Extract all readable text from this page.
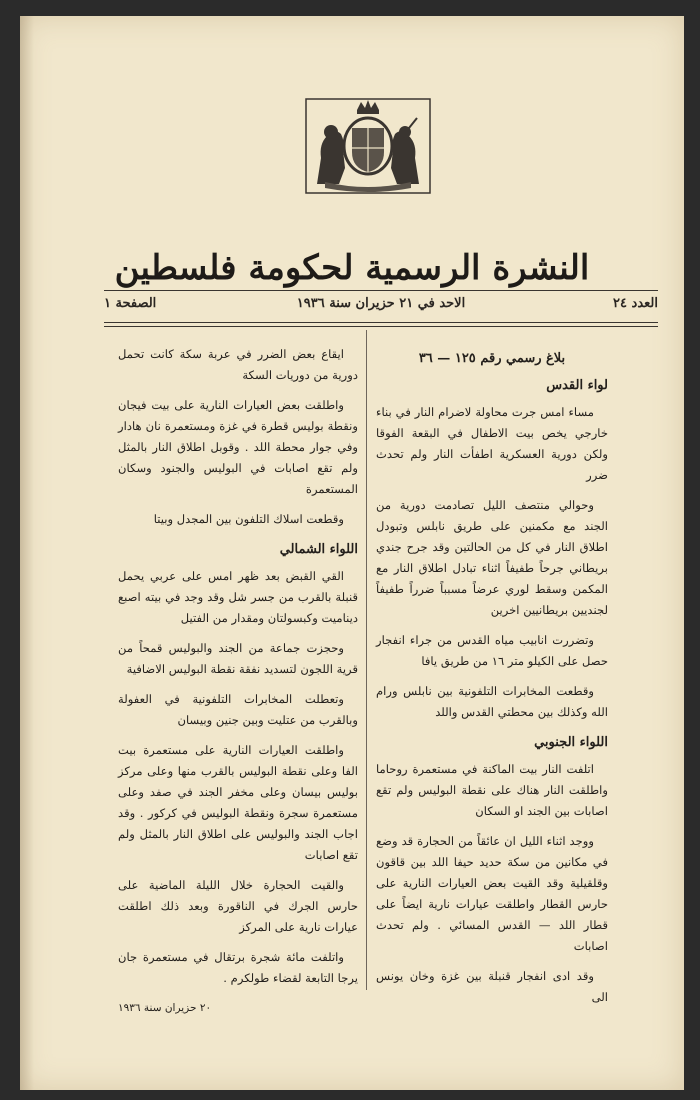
النشرة الرسمية لحكومة فلسطين
العدد ٢٤
الاحد في ٢١ حزيران سنة ١٩٣٦
الصفحة ١

بلاغ رسمي رقم ١٢٥ — ٣٦

لواء القدس

مساء امس جرت محاولة لاضرام النار في بناء خارجي يخص بيت الاطفال في البقعة الفوقا ولكن دورية العسكرية اطفأت النار ولم تحدث ضرر

وحوالي منتصف الليل تصادمت دورية من الجند مع مكمنين على طريق نابلس وتبودل اطلاق النار في كل من الحالتين وقد جرح جندي بريطاني جرحاً طفيفاً اثناء تبادل اطلاق النار مع المكمن وسقط لوري عرضاً مسبباً ضرراً طفيفاً لجنديين بريطانيين اخرين

وتضررت انابيب مياه القدس من جراء انفجار حصل على الكيلو متر ١٦ من طريق يافا

وقطعت المخابرات التلفونية بين نابلس ورام الله وكذلك بين محطتي القدس واللد

اللواء الجنوبي

اتلفت النار بيت الماكنة في مستعمرة روحاما واطلقت النار هناك على نقطة البوليس ولم تقع اصابات بين الجند او السكان

ووجد اثناء الليل ان عائقاً من الحجارة قد وضع في مكانين من سكة حديد حيفا اللد بين قاقون وقلقيلية وقد القيت بعض العيارات النارية على حارس القطار واطلقت عيارات نارية ايضاً على قطار اللد — القدس المسائي . ولم تحدث اصابات

وقد ادى انفجار قنبلة بين غزة وخان يونس الى

ايقاع بعض الضرر في عربة سكة كانت تحمل دورية من دوريات السكة

واطلقت بعض العيارات النارية على بيت فيجان ونقطة بوليس قطرة في غزة ومستعمرة نان هادار وفي جوار محطة اللد . وقوبل اطلاق النار بالمثل ولم تقع اصابات في البوليس والجنود وسكان المستعمرة

وقطعت اسلاك التلفون بين المجدل وبيتا

اللواء الشمالي

القي القبض بعد ظهر امس على عربي يحمل قنبلة بالقرب من جسر شل وقد وجد في بيته اصبع ديناميت وكبسولتان ومقدار من الفتيل

وحجزت جماعة من الجند والبوليس قمحاً من قرية اللجون لتسديد نفقة نقطة البوليس الاضافية

وتعطلت المخابرات التلفونية في العفولة وبالقرب من عتليت وبين جنين وبيسان

واطلقت العيارات النارية على مستعمرة بيت الفا وعلى نقطة البوليس بالقرب منها وعلى مركز بوليس بيسان وعلى مخفر الجند في صفد وعلى مستعمرة سجرة ونقطة البوليس في كركور . وقد اجاب الجند والبوليس على اطلاق النار بالمثل ولم تقع اصابات

والقيت الحجارة خلال الليلة الماضية على حارس الجرك في الناقورة وبعد ذلك اطلقت عيارات نارية على المركز

واتلفت مائة شجرة برتقال في مستعمرة جان يرجا التابعة لقضاء طولكرم .

٢٠ حزيران سنة ١٩٣٦
